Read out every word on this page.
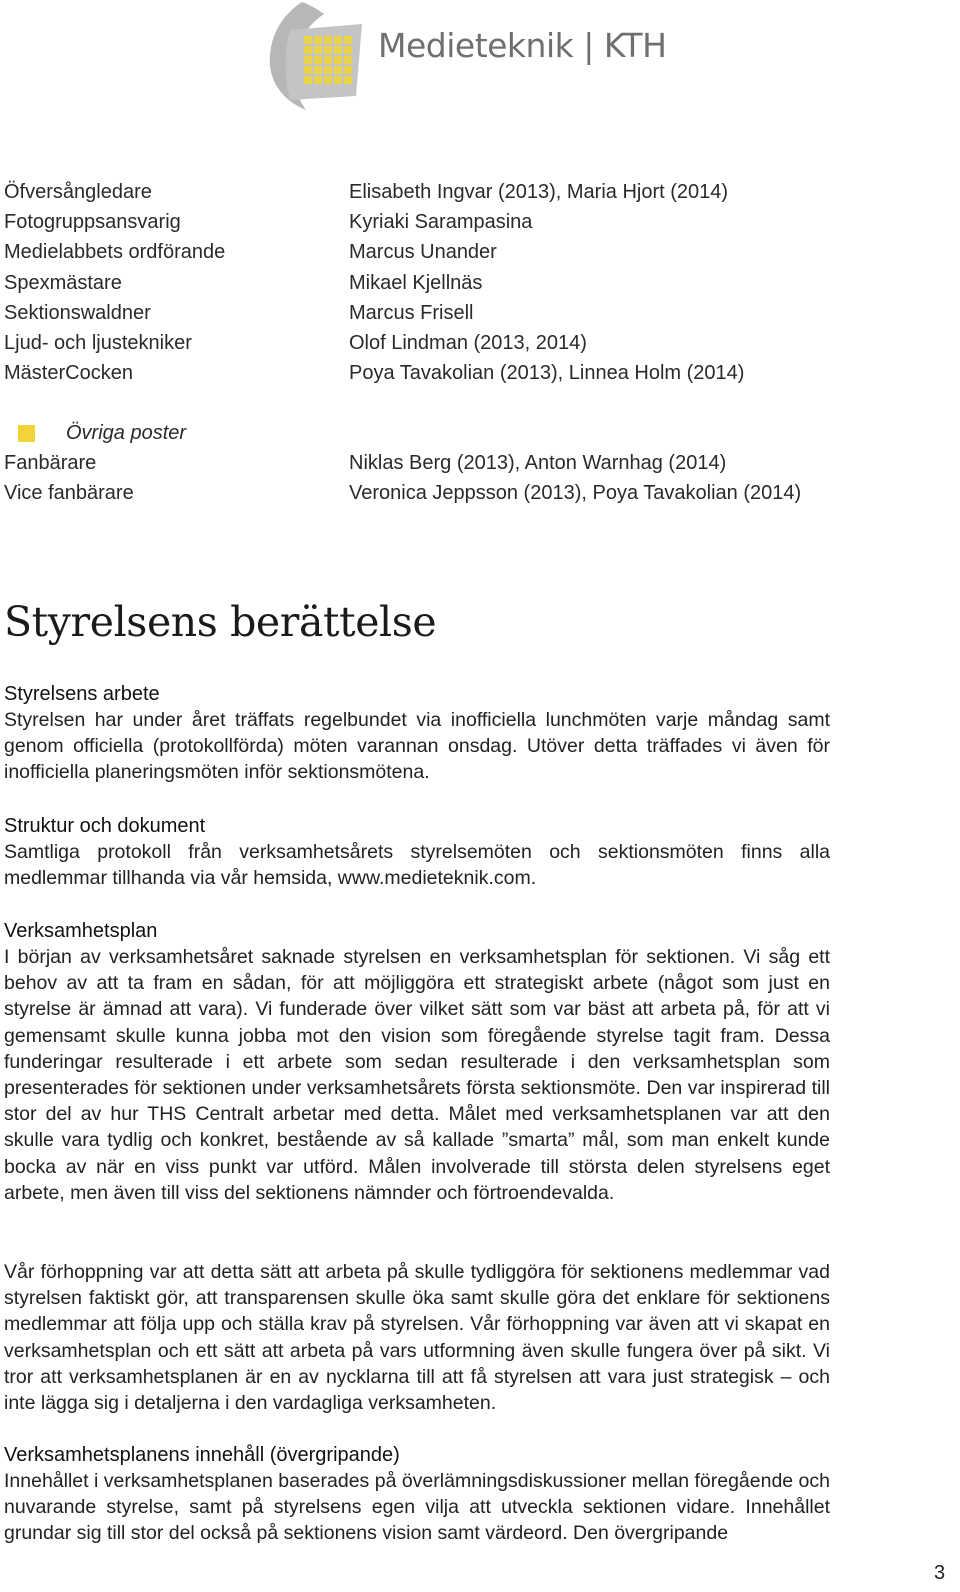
Medieteknik | KTH
Öfversångledare	Elisabeth Ingvar (2013), Maria Hjort (2014)
Fotogruppsansvarig	Kyriaki Sarampasina
Medielabbets ordförande	Marcus Unander
Spexmästare	Mikael Kjellnäs
Sektionswaldner	Marcus Frisell
Ljud- och ljustekniker	Olof Lindman (2013, 2014)
MästerCocken	Poya Tavakolian (2013), Linnea Holm (2014)
Övriga poster
Fanbärare	Niklas Berg (2013), Anton Warnhag (2014)
Vice fanbärare	Veronica Jeppsson (2013), Poya Tavakolian (2014)
Styrelsens berättelse

Styrelsens arbete

Styrelsen har under året träffats regelbundet via inofficiella lunchmöten varje måndag samt genom officiella (protokollförda) möten varannan onsdag. Utöver detta träffades vi även för inofficiella planeringsmöten inför sektionsmötena.

Struktur och dokument

Samtliga protokoll från verksamhetsårets styrelsemöten och sektionsmöten finns alla medlemmar tillhanda via vår hemsida, www.medieteknik.com.

Verksamhetsplan

I början av verksamhetsåret saknade styrelsen en verksamhetsplan för sektionen. Vi såg ett behov av att ta fram en sådan, för att möjliggöra ett strategiskt arbete (något som just en styrelse är ämnad att vara). Vi funderade över vilket sätt som var bäst att arbeta på, för att vi gemensamt skulle kunna jobba mot den vision som föregående styrelse tagit fram. Dessa funderingar resulterade i ett arbete som sedan resulterade i den verksamhetsplan som presenterades för sektionen under verksamhetsårets första sektionsmöte. Den var inspirerad till stor del av hur THS Centralt arbetar med detta. Målet med verksamhetsplanen var att den skulle vara tydlig och konkret, bestående av så kallade ”smarta” mål, som man enkelt kunde bocka av när en viss punkt var utförd. Målen involverade till största delen styrelsens eget arbete, men även till viss del sektionens nämnder och förtroendevalda.

Vår förhoppning var att detta sätt att arbeta på skulle tydliggöra för sektionens medlemmar vad styrelsen faktiskt gör, att transparensen skulle öka samt skulle göra det enklare för sektionens medlemmar att följa upp och ställa krav på styrelsen. Vår förhoppning var även att vi skapat en verksamhetsplan och ett sätt att arbeta på vars utformning även skulle fungera över på sikt. Vi tror att verksamhetsplanen är en av nycklarna till att få styrelsen att vara just strategisk – och inte lägga sig i detaljerna i den vardagliga verksamheten.

Verksamhetsplanens innehåll (övergripande)

Innehållet i verksamhetsplanen baserades på överlämningsdiskussioner mellan föregående och nuvarande styrelse, samt på styrelsens egen vilja att utveckla sektionen vidare. Innehållet grundar sig till stor del också på sektionens vision samt värdeord. Den övergripande

3
